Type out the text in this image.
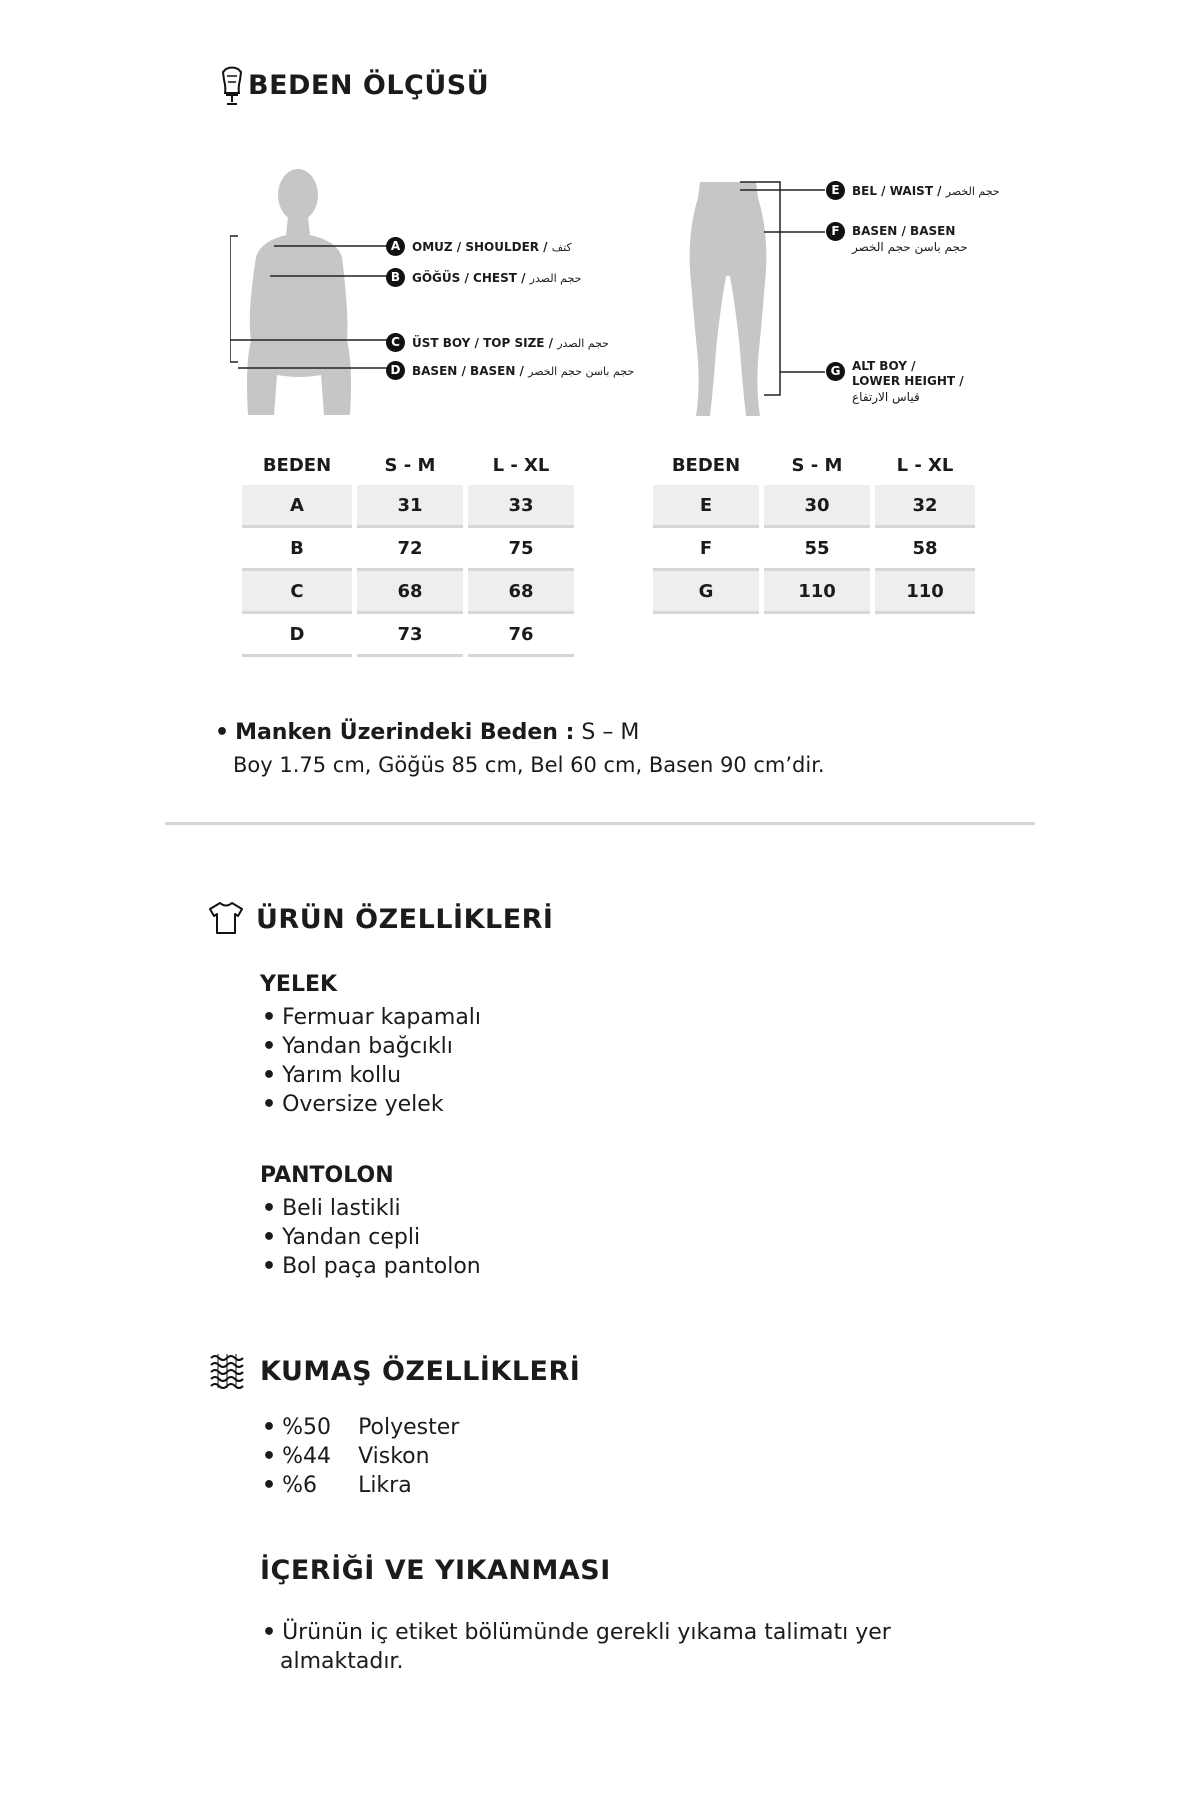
BEDEN ÖLÇÜSÜ
A OMUZ / SHOULDER / كتف
B GÖĞÜS / CHEST / حجم الصدر
C	ÜST BOY / TOP SIZE / حجم الصدر
D BASEN / BASEN / حجم باسن حجم الخصر
E	BEL / WAIST / حجم الخصر
F	BASEN / BASEN
حجم باسن حجم الخصر
G ALT BOY /
LOWER HEIGHT /
قياس الارتفاع
BEDEN	S - M	L - XL
A	31	33
B	72	75
C	68	68
D	73	76
BEDEN	S - M	L - XL
E	30	32
F	55	58
G	110	110
• Manken Üzerindeki Beden : S – M
Boy 1.75 cm, Göğüs 85 cm, Bel 60 cm, Basen 90 cm’dir.
ÜRÜN ÖZELLİKLERİ
YELEK
• Fermuar kapamalı
• Yandan bağcıklı
• Yarım kollu
• Oversize yelek
PANTOLON
• Beli lastikli
• Yandan cepli
• Bol paça pantolon
KUMAŞ ÖZELLİKLERİ
• %50 Polyester
• %44 Viskon
• %6 Likra
İÇERİĞİ VE YIKANMASI
• Ürünün iç etiket bölümünde gerekli yıkama talimatı yer
almaktadır.
